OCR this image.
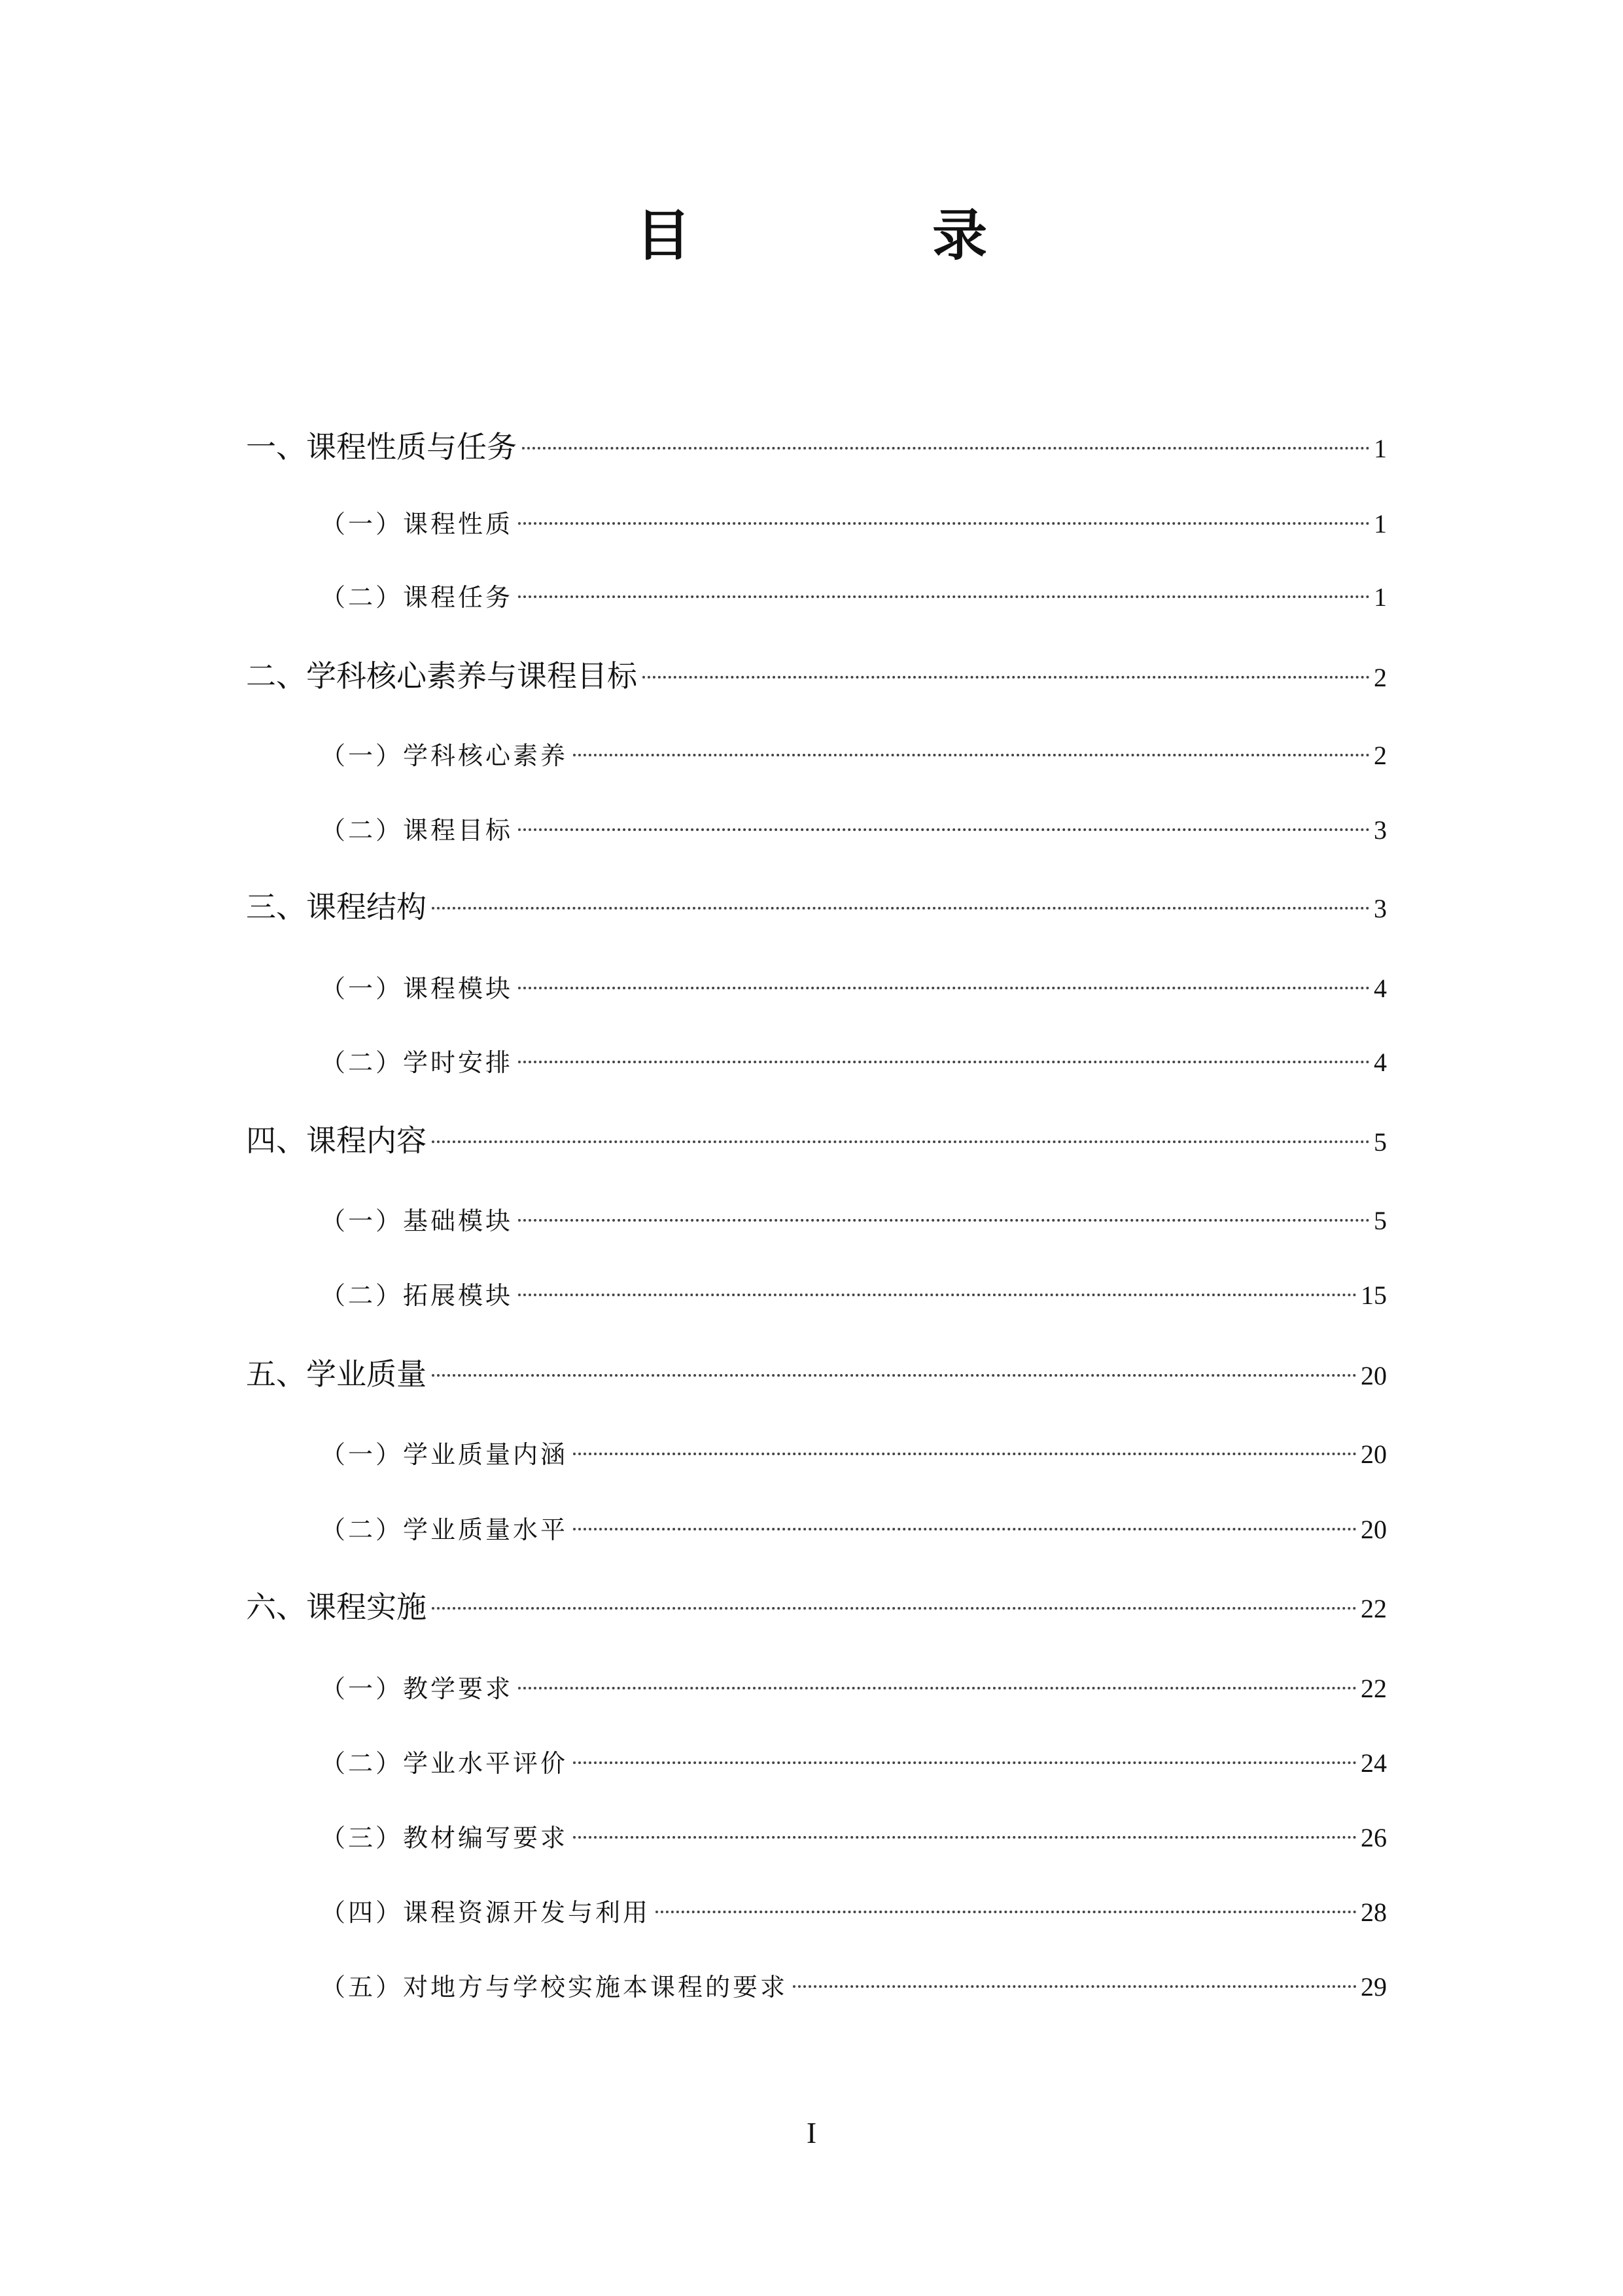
目 录
一、课程性质与任务	1
（一）课程性质	1
（二）课程任务	1
二、学科核心素养与课程目标	2
（一）学科核心素养	2
（二）课程目标	3
三、课程结构	3
（一）课程模块	4
（二）学时安排	4
四、课程内容	5
（一）基础模块	5
（二）拓展模块	15
五、学业质量	20
（一）学业质量内涵	20
（二）学业质量水平	20
六、课程实施	22
（一）教学要求	22
（二）学业水平评价	24
（三）教材编写要求	26
（四）课程资源开发与利用	28
（五）对地方与学校实施本课程的要求	29
I
